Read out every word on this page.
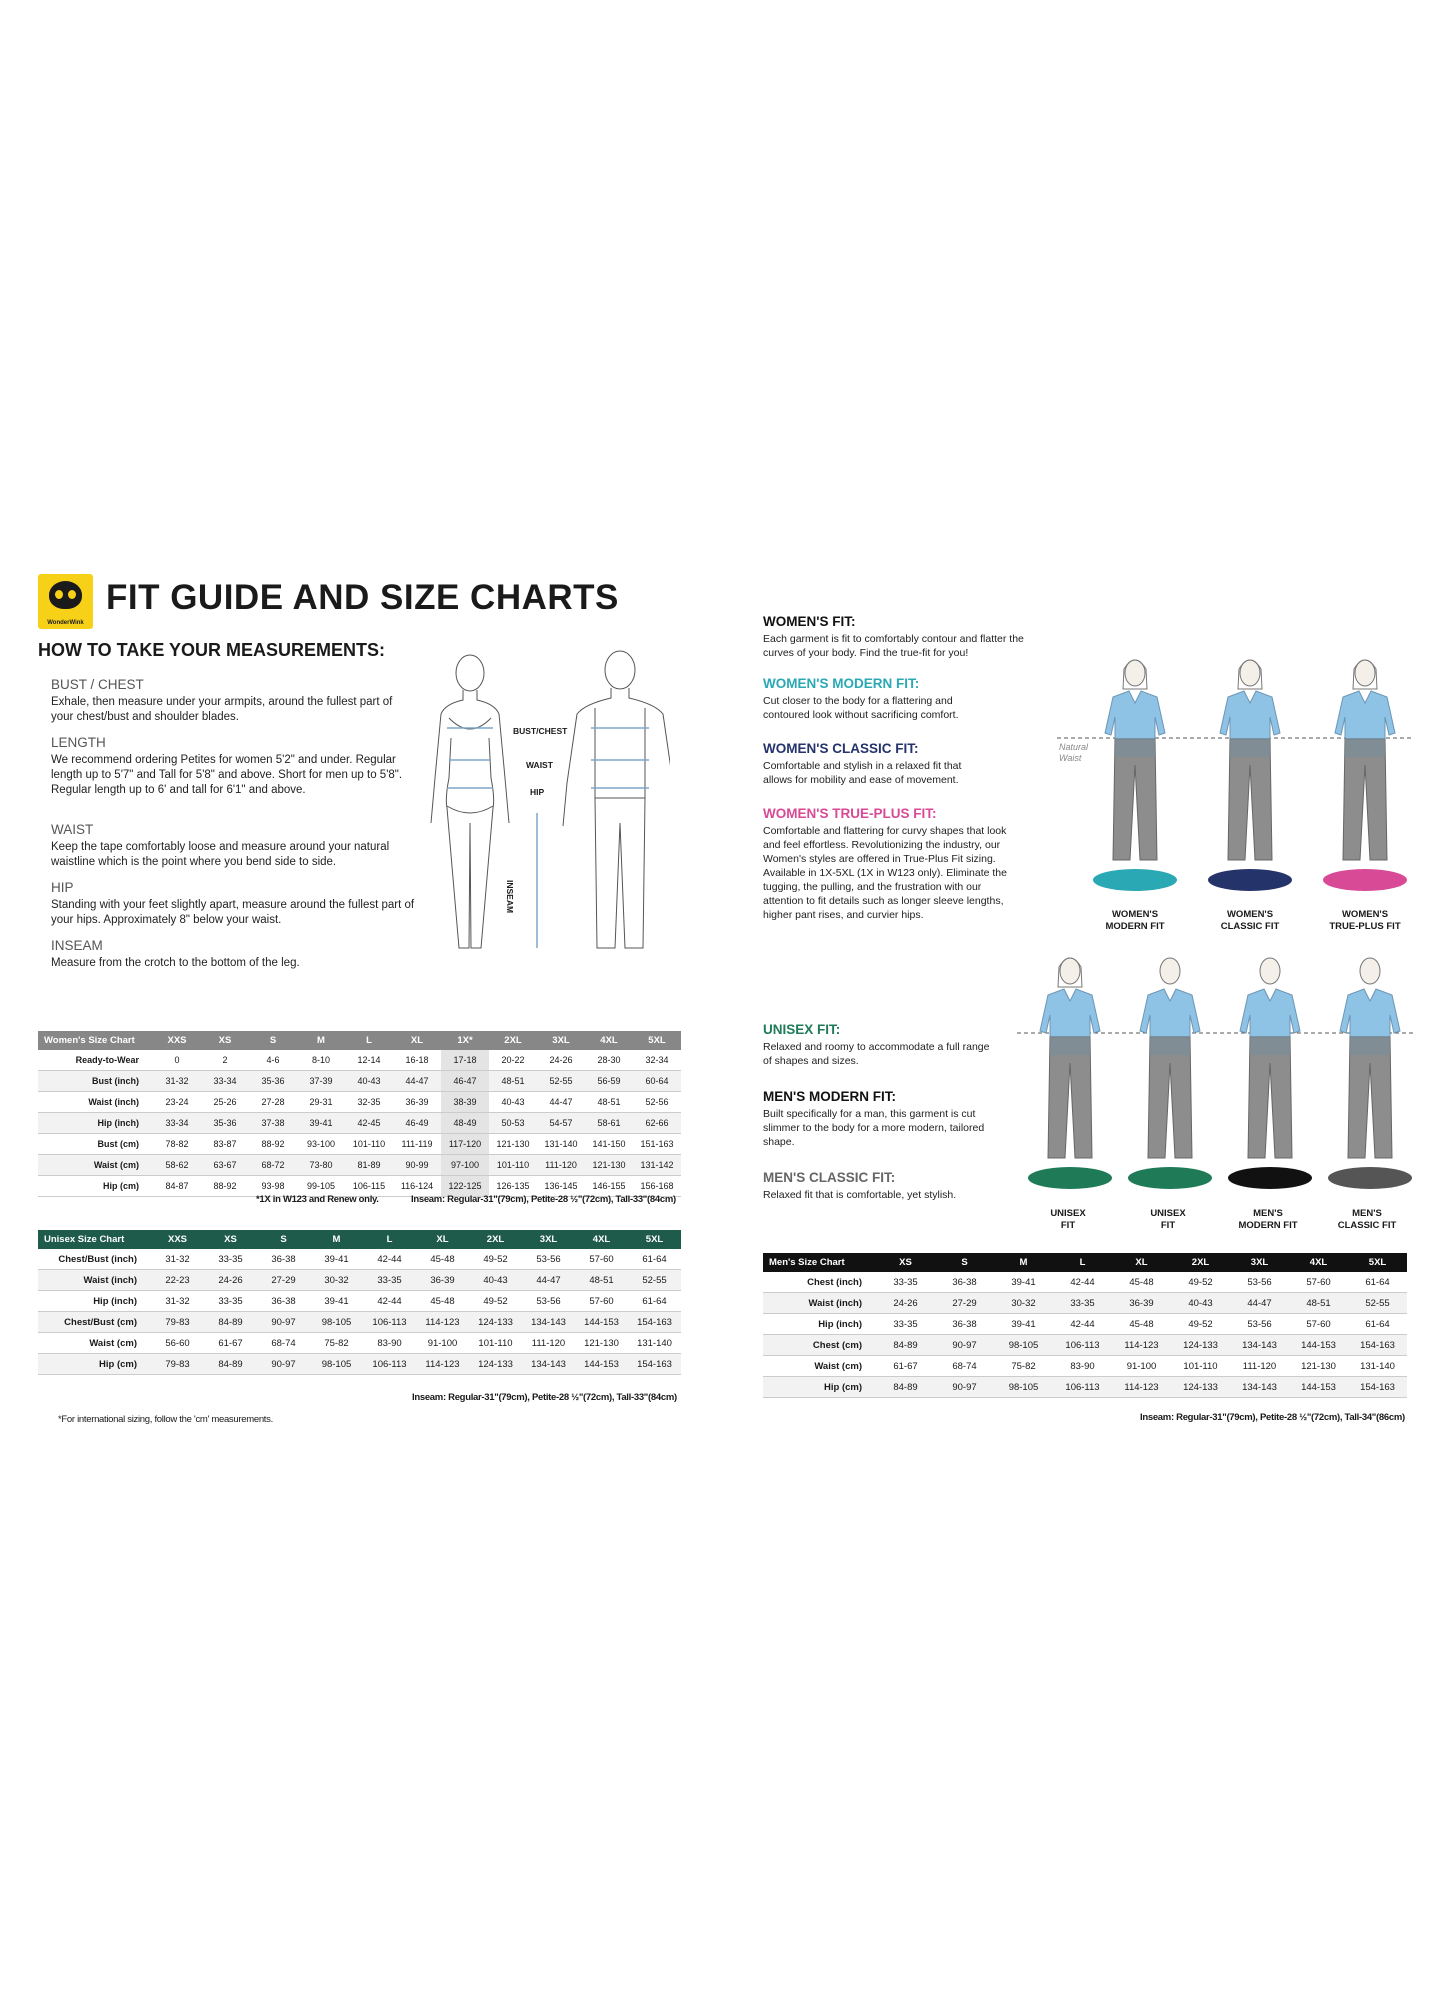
WonderWink
FIT GUIDE AND SIZE CHARTS
HOW TO TAKE YOUR MEASUREMENTS:
BUST / CHEST

Exhale, then measure under your armpits, around the fullest part of your chest/bust and shoulder blades.

LENGTH

We recommend ordering Petites for women 5'2" and under. Regular length up to 5'7" and Tall for 5'8" and above. Short for men up to 5'8". Regular length up to 6' and tall for 6'1" and above.

WAIST

Keep the tape comfortably loose and measure around your natural waistline which is the point where you bend side to side.

HIP

Standing with your feet slightly apart, measure around the fullest part of your hips. Approximately 8" below your waist.

INSEAM

Measure from the crotch to the bottom of the leg.

BUST/CHEST
WAIST
HIP
INSEAM
Women's Size Chart	XXS	XS	S	M	L	XL	1X*	2XL	3XL	4XL	5XL
Ready-to-Wear	0	2	4-6	8-10	12-14	16-18	17-18	20-22	24-26	28-30	32-34
Bust (inch)	31-32	33-34	35-36	37-39	40-43	44-47	46-47	48-51	52-55	56-59	60-64
Waist (inch)	23-24	25-26	27-28	29-31	32-35	36-39	38-39	40-43	44-47	48-51	52-56
Hip (inch)	33-34	35-36	37-38	39-41	42-45	46-49	48-49	50-53	54-57	58-61	62-66
Bust (cm)	78-82	83-87	88-92	93-100	101-110	111-119	117-120	121-130	131-140	141-150	151-163
Waist (cm)	58-62	63-67	68-72	73-80	81-89	90-99	97-100	101-110	111-120	121-130	131-142
Hip (cm)	84-87	88-92	93-98	99-105	106-115	116-124	122-125	126-135	136-145	146-155	156-168
*1X in W123 and Renew only.	Inseam: Regular-31"(79cm), Petite-28 ½"(72cm), Tall-33"(84cm)
Unisex Size Chart	XXS	XS	S	M	L	XL	2XL	3XL	4XL	5XL
Chest/Bust (inch)	31-32	33-35	36-38	39-41	42-44	45-48	49-52	53-56	57-60	61-64
Waist (inch)	22-23	24-26	27-29	30-32	33-35	36-39	40-43	44-47	48-51	52-55
Hip (inch)	31-32	33-35	36-38	39-41	42-44	45-48	49-52	53-56	57-60	61-64
Chest/Bust (cm)	79-83	84-89	90-97	98-105	106-113	114-123	124-133	134-143	144-153	154-163
Waist (cm)	56-60	61-67	68-74	75-82	83-90	91-100	101-110	111-120	121-130	131-140
Hip (cm)	79-83	84-89	90-97	98-105	106-113	114-123	124-133	134-143	144-153	154-163
Inseam: Regular-31"(79cm), Petite-28 ½"(72cm), Tall-33"(84cm)
*For international sizing, follow the 'cm' measurements.
WOMEN'S FIT:

Each garment is fit to comfortably contour and flatter the curves of your body. Find the true-fit for you!

WOMEN'S MODERN FIT:

Cut closer to the body for a flattering and contoured look without sacrificing comfort.

WOMEN'S CLASSIC FIT:

Comfortable and stylish in a relaxed fit that allows for mobility and ease of movement.

WOMEN'S TRUE-PLUS FIT:

Comfortable and flattering for curvy shapes that look and feel effortless. Revolutionizing the industry, our Women's styles are offered in True-Plus Fit sizing. Available in 1X-5XL (1X in W123 only). Eliminate the tugging, the pulling, and the frustration with our attention to fit details such as longer sleeve lengths, higher pant rises, and curvier hips.

UNISEX FIT:

Relaxed and roomy to accommodate a full range of shapes and sizes.

MEN'S MODERN FIT:

Built specifically for a man, this garment is cut slimmer to the body for a more modern, tailored shape.

MEN'S CLASSIC FIT:

Relaxed fit that is comfortable, yet stylish.

Natural
Waist
WOMEN'S
MODERN FIT
WOMEN'S
CLASSIC FIT
WOMEN'S
TRUE-PLUS FIT
UNISEX
FIT
UNISEX
FIT
MEN'S
MODERN FIT
MEN'S
CLASSIC FIT
Men's Size Chart	XS	S	M	L	XL	2XL	3XL	4XL	5XL
Chest (inch)	33-35	36-38	39-41	42-44	45-48	49-52	53-56	57-60	61-64
Waist (inch)	24-26	27-29	30-32	33-35	36-39	40-43	44-47	48-51	52-55
Hip (inch)	33-35	36-38	39-41	42-44	45-48	49-52	53-56	57-60	61-64
Chest (cm)	84-89	90-97	98-105	106-113	114-123	124-133	134-143	144-153	154-163
Waist (cm)	61-67	68-74	75-82	83-90	91-100	101-110	111-120	121-130	131-140
Hip (cm)	84-89	90-97	98-105	106-113	114-123	124-133	134-143	144-153	154-163
Inseam: Regular-31"(79cm), Petite-28 ½"(72cm), Tall-34"(86cm)
